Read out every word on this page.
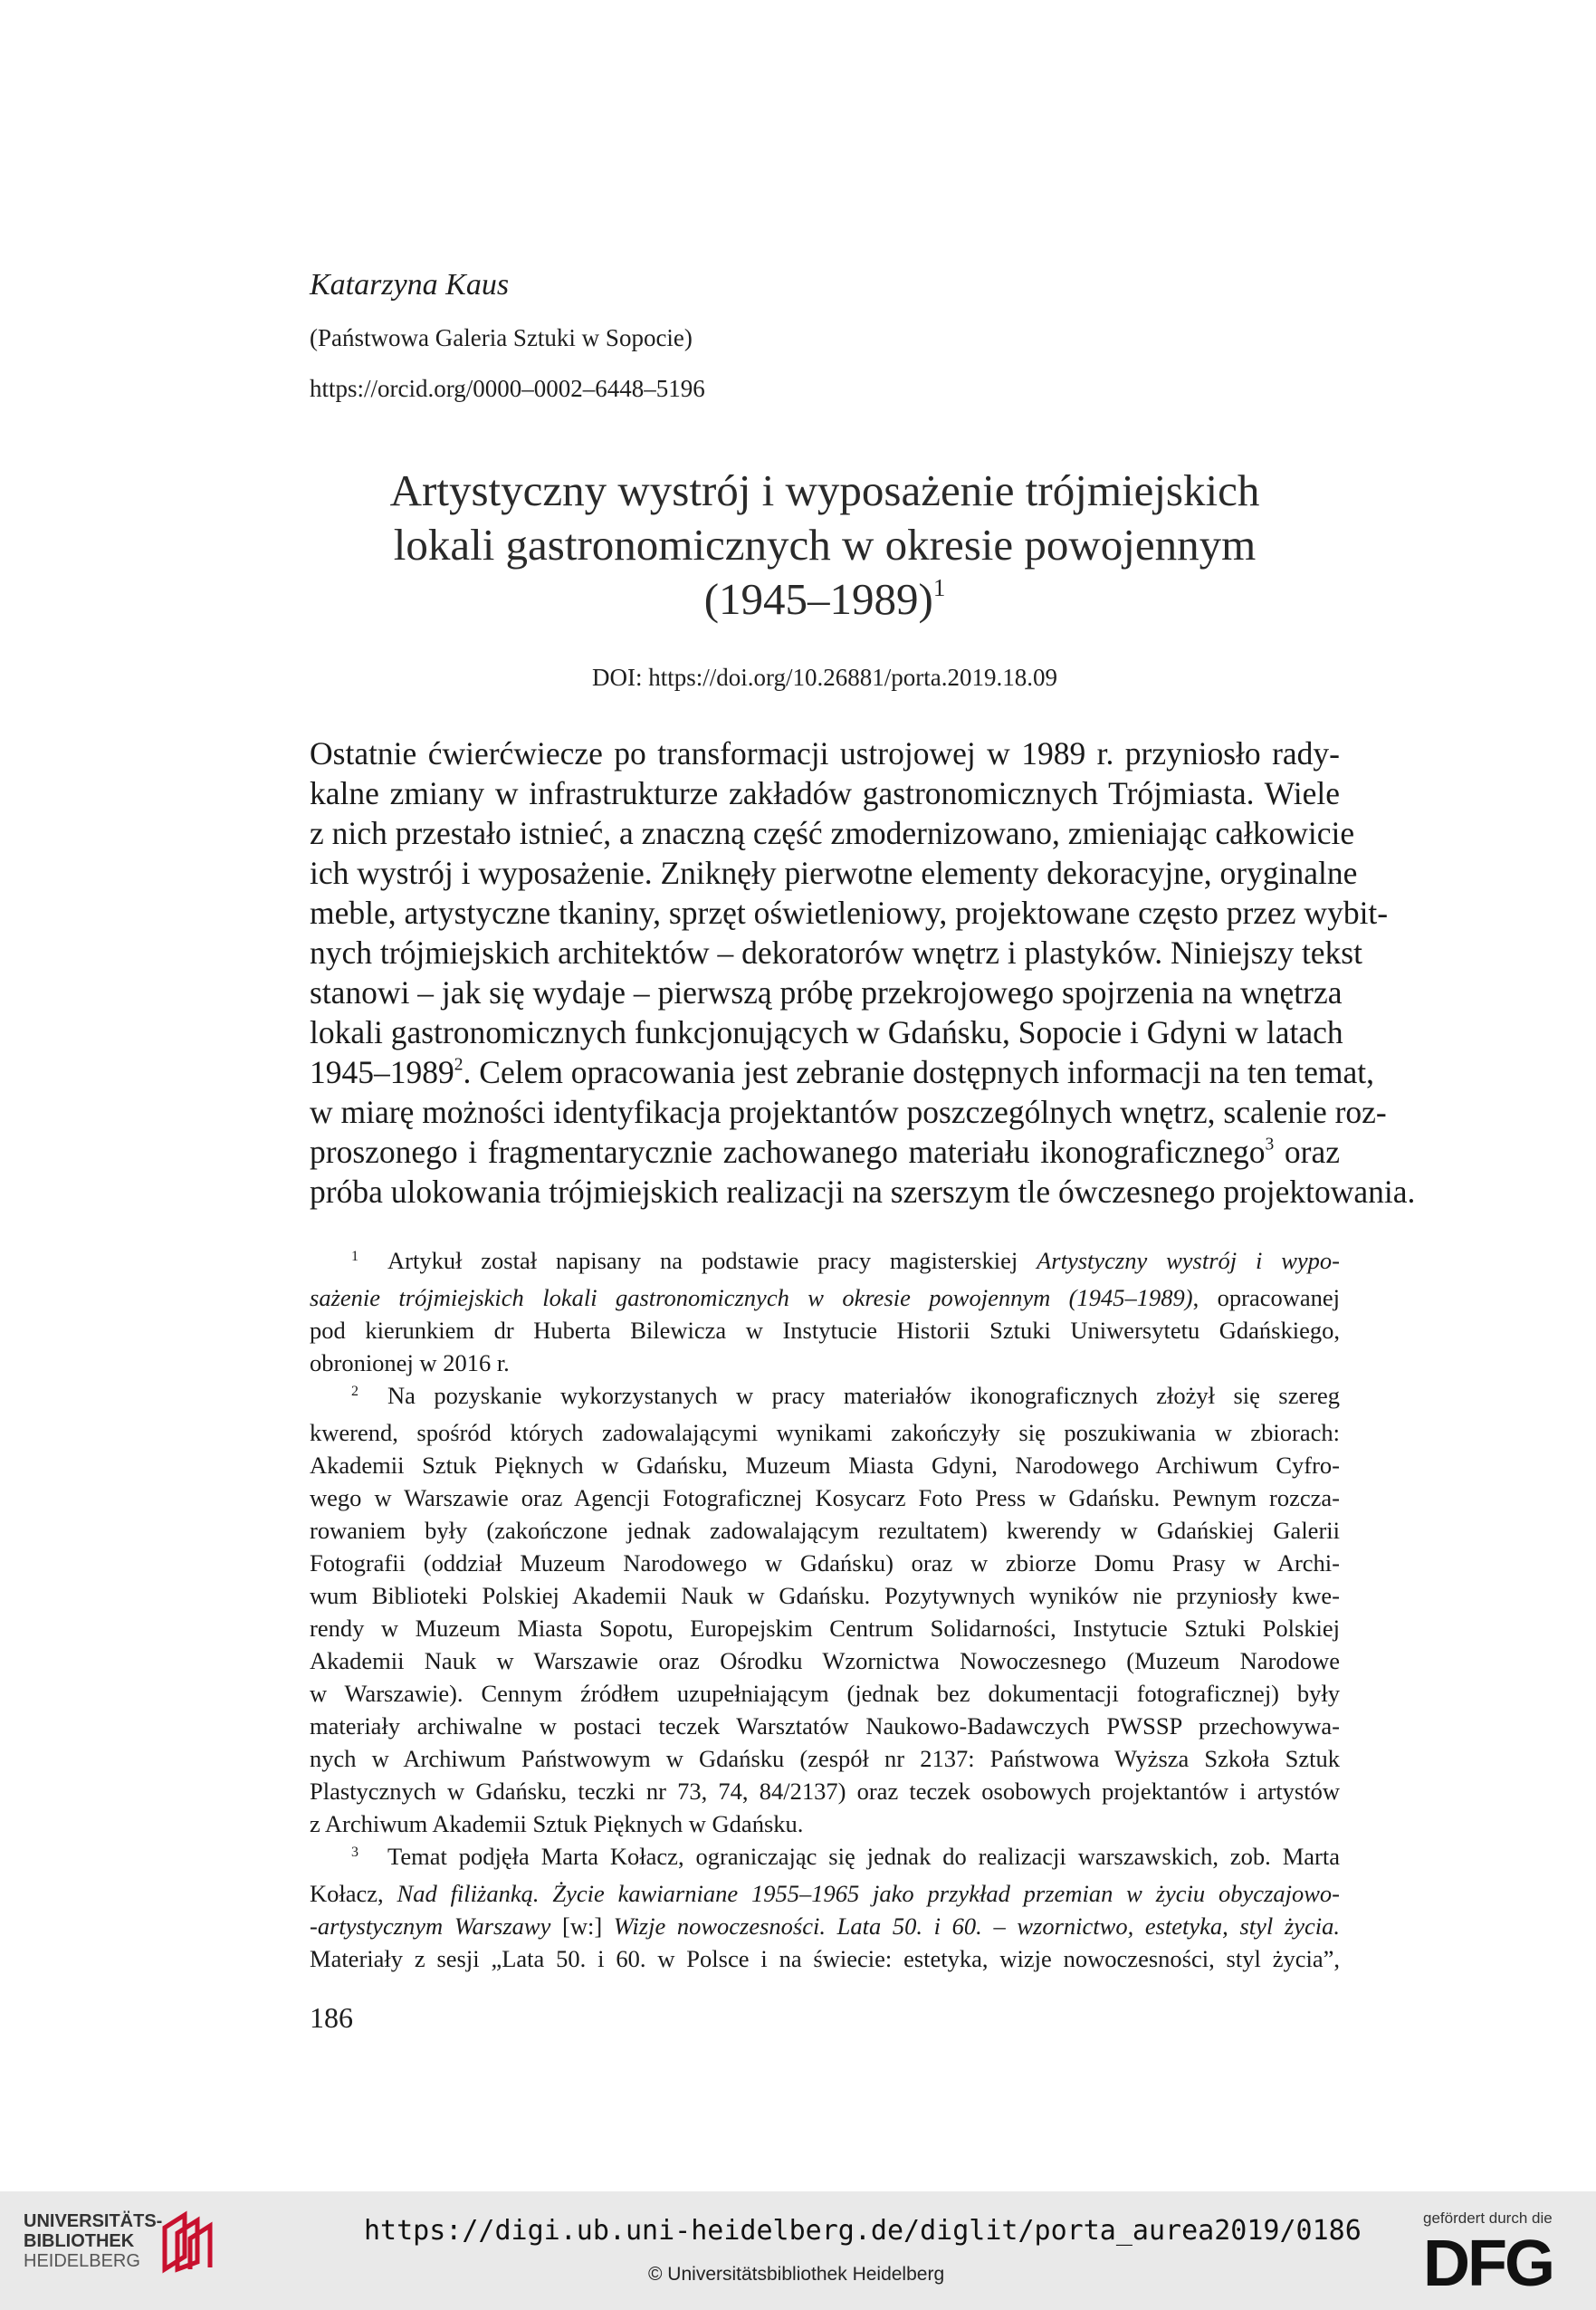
Katarzyna Kaus
(Państwowa Galeria Sztuki w Sopocie)
https://orcid.org/0000–0002–6448–5196
Artystyczny wystrój i wyposażenie trójmiejskich
lokali gastronomicznych w okresie powojennym
(1945–1989)$^1$
DOI: https://doi.org/10.26881/porta.2019.18.09
Ostatnie ćwierćwiecze po transformacji ustrojowej w 1989 r. przyniosło rady-
kalne zmiany w infrastrukturze zakładów gastronomicznych Trójmiasta. Wiele
z nich przestało istnieć, a znaczną część zmodernizowano, zmieniając całkowicie
ich wystrój i wyposażenie. Zniknęły pierwotne elementy dekoracyjne, oryginalne
meble, artystyczne tkaniny, sprzęt oświetleniowy, projektowane często przez wybit-
nych trójmiejskich architektów – dekoratorów wnętrz i plastyków. Niniejszy tekst
stanowi – jak się wydaje – pierwszą próbę przekrojowego spojrzenia na wnętrza
lokali gastronomicznych funkcjonujących w Gdańsku, Sopocie i Gdyni w latach
1945–1989$^2$. Celem opracowania jest zebranie dostępnych informacji na ten temat,
w miarę możności identyfikacja projektantów poszczególnych wnętrz, scalenie roz-
proszonego i fragmentarycznie zachowanego materiału ikonograficznego$^3$ oraz
próba ulokowania trójmiejskich realizacji na szerszym tle ówczesnego projektowania.
1 Artykuł został napisany na podstawie pracy magisterskiej Artystyczny wystrój i wypo-
sażenie trójmiejskich lokali gastronomicznych w okresie powojennym (1945–1989), opracowanej
pod kierunkiem dr Huberta Bilewicza w Instytucie Historii Sztuki Uniwersytetu Gdańskiego,
obronionej w 2016 r.
2 Na pozyskanie wykorzystanych w pracy materiałów ikonograficznych złożył się szereg
kwerend, spośród których zadowalającymi wynikami zakończyły się poszukiwania w zbiorach:
Akademii Sztuk Pięknych w Gdańsku, Muzeum Miasta Gdyni, Narodowego Archiwum Cyfro-
wego w Warszawie oraz Agencji Fotograficznej Kosycarz Foto Press w Gdańsku. Pewnym rozcza-
rowaniem były (zakończone jednak zadowalającym rezultatem) kwerendy w Gdańskiej Galerii
Fotografii (oddział Muzeum Narodowego w Gdańsku) oraz w zbiorze Domu Prasy w Archi-
wum Biblioteki Polskiej Akademii Nauk w Gdańsku. Pozytywnych wyników nie przyniosły kwe-
rendy w Muzeum Miasta Sopotu, Europejskim Centrum Solidarności, Instytucie Sztuki Polskiej
Akademii Nauk w Warszawie oraz Ośrodku Wzornictwa Nowoczesnego (Muzeum Narodowe
w Warszawie). Cennym źródłem uzupełniającym (jednak bez dokumentacji fotograficznej) były
materiały archiwalne w postaci teczek Warsztatów Naukowo-Badawczych PWSSP przechowywa-
nych w Archiwum Państwowym w Gdańsku (zespół nr 2137: Państwowa Wyższa Szkoła Sztuk
Plastycznych w Gdańsku, teczki nr 73, 74, 84/2137) oraz teczek osobowych projektantów i artystów
z Archiwum Akademii Sztuk Pięknych w Gdańsku.
3 Temat podjęła Marta Kołacz, ograniczając się jednak do realizacji warszawskich, zob. Marta
Kołacz, Nad filiżanką. Życie kawiarniane 1955–1965 jako przykład przemian w życiu obyczajowo-
-artystycznym Warszawy [w:] Wizje nowoczesności. Lata 50. i 60. – wzornictwo, estetyka, styl życia.
Materiały z sesji „Lata 50. i 60. w Polsce i na świecie: estetyka, wizje nowoczesności, styl życia”,
186
UNIVERSITÄTS-
BIBLIOTHEK
HEIDELBERG
https://digi.ub.uni-heidelberg.de/diglit/porta_aurea2019/0186
© Universitätsbibliothek Heidelberg
gefördert durch die
DFG
